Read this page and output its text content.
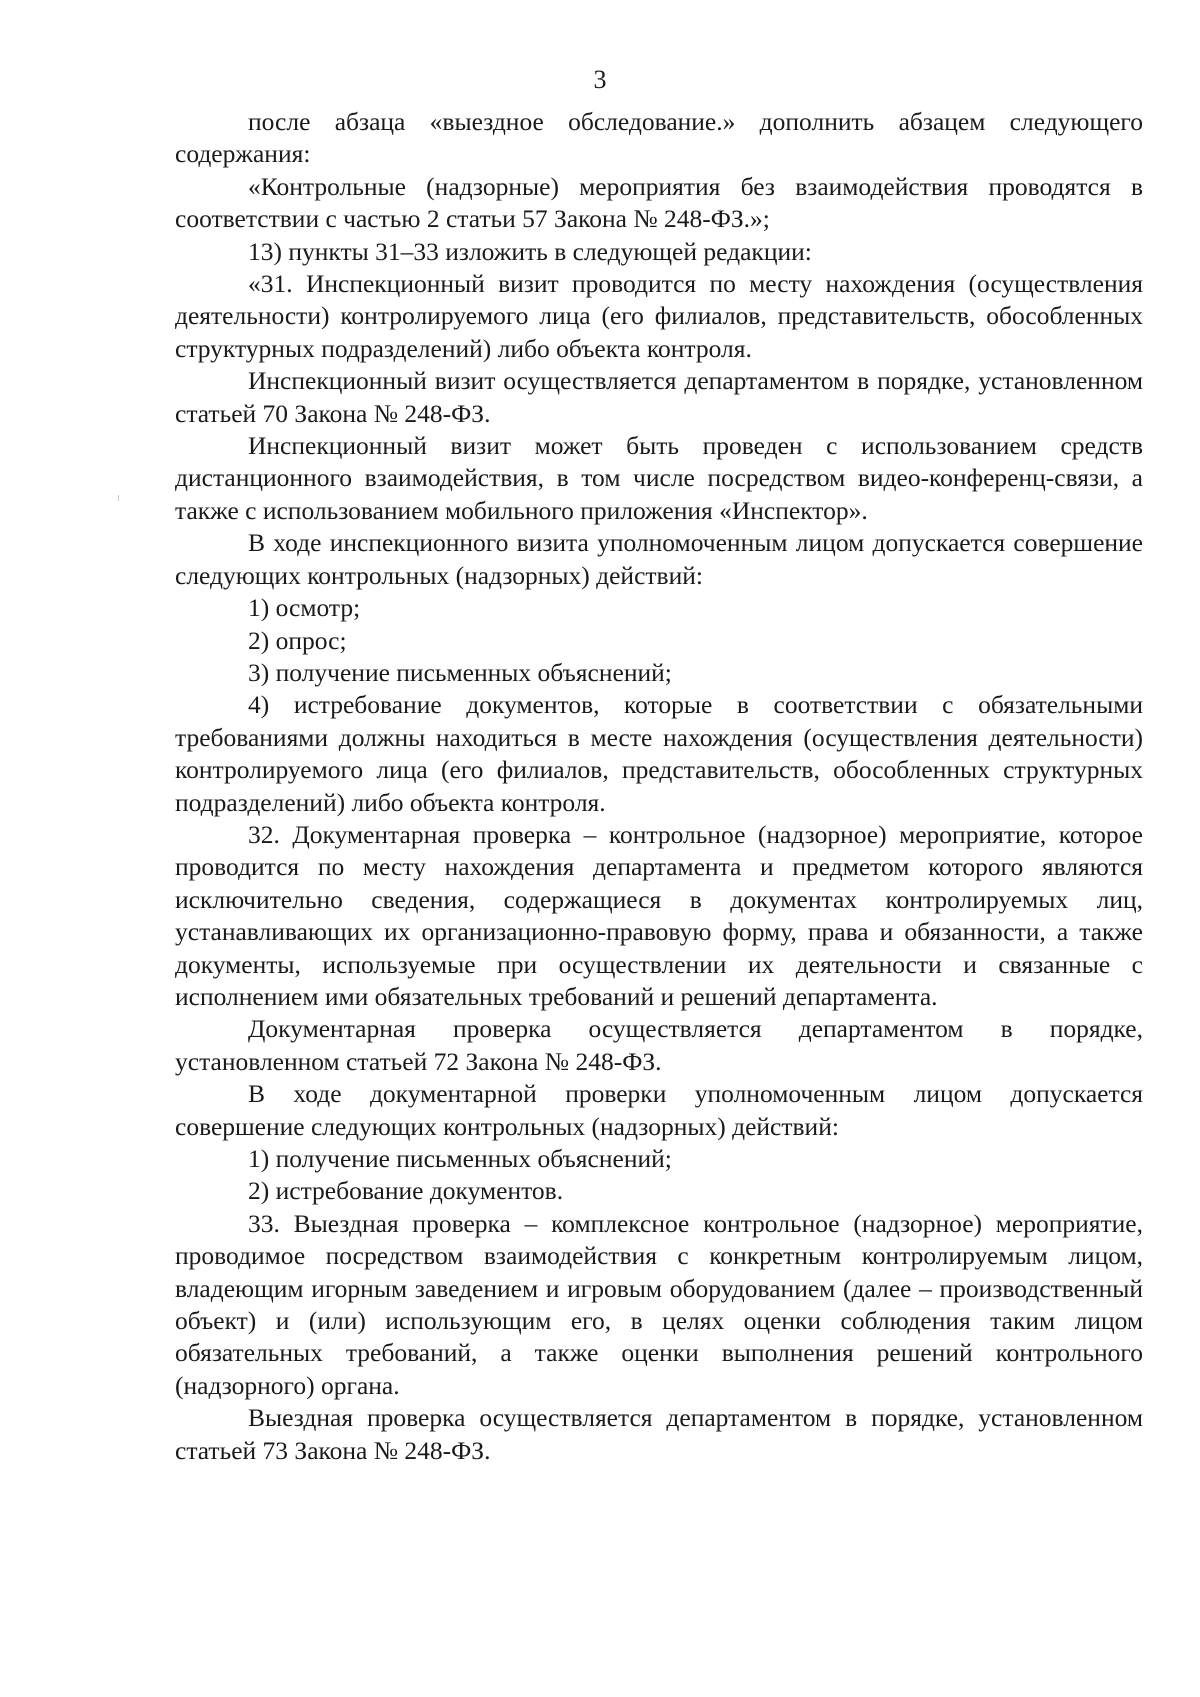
3

после абзаца «выездное обследование.» дополнить абзацем следующего содержания:

«Контрольные (надзорные) мероприятия без взаимодействия проводятся в соответствии с частью 2 статьи 57 Закона № 248-ФЗ.»;

13) пункты 31–33 изложить в следующей редакции:

«31. Инспекционный визит проводится по месту нахождения (осуществления деятельности) контролируемого лица (его филиалов, представительств, обособленных структурных подразделений) либо объекта контроля.

Инспекционный визит осуществляется департаментом в порядке, установленном статьей 70 Закона № 248-ФЗ.

Инспекционный визит может быть проведен с использованием средств дистанционного взаимодействия, в том числе посредством видео-конференц-связи, а также с использованием мобильного приложения «Инспектор».

В ходе инспекционного визита уполномоченным лицом допускается совершение следующих контрольных (надзорных) действий:

1) осмотр;

2) опрос;

3) получение письменных объяснений;

4) истребование документов, которые в соответствии с обязательными требованиями должны находиться в месте нахождения (осуществления деятельности) контролируемого лица (его филиалов, представительств, обособленных структурных подразделений) либо объекта контроля.

32. Документарная проверка – контрольное (надзорное) мероприятие, которое проводится по месту нахождения департамента и предметом которого являются исключительно сведения, содержащиеся в документах контролируемых лиц, устанавливающих их организационно-правовую форму, права и обязанности, а также документы, используемые при осуществлении их деятельности и связанные с исполнением ими обязательных требований и решений департамента.

Документарная проверка осуществляется департаментом в порядке, установленном статьей 72 Закона № 248-ФЗ.

В ходе документарной проверки уполномоченным лицом допускается совершение следующих контрольных (надзорных) действий:

1) получение письменных объяснений;

2) истребование документов.

33. Выездная проверка – комплексное контрольное (надзорное) мероприятие, проводимое посредством взаимодействия с конкретным контролируемым лицом, владеющим игорным заведением и игровым оборудованием (далее – производственный объект) и (или) использующим его, в целях оценки соблюдения таким лицом обязательных требований, а также оценки выполнения решений контрольного (надзорного) органа.

Выездная проверка осуществляется департаментом в порядке, установленном статьей 73 Закона № 248-ФЗ.
